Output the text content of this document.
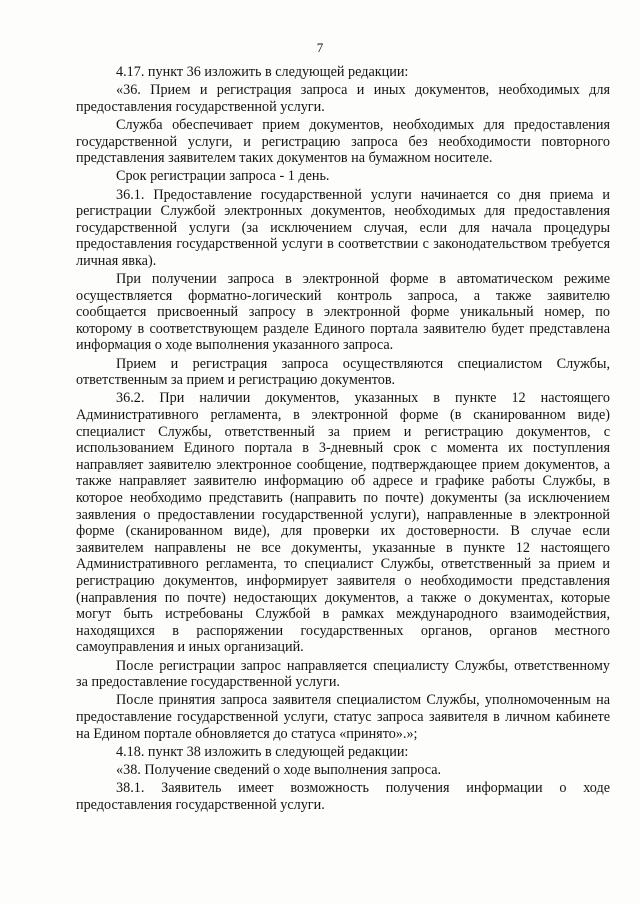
7

4.17. пункт 36 изложить в следующей редакции:

«36. Прием и регистрация запроса и иных документов, необходимых для предоставления государственной услуги.

Служба обеспечивает прием документов, необходимых для предоставления государственной услуги, и регистрацию запроса без необходимости повторного представления заявителем таких документов на бумажном носителе.

Срок регистрации запроса - 1 день.

36.1. Предоставление государственной услуги начинается со дня приема и регистрации Службой электронных документов, необходимых для предоставления государственной услуги (за исключением случая, если для начала процедуры предоставления государственной услуги в соответствии с законодательством требуется личная явка).

При получении запроса в электронной форме в автоматическом режиме осуществляется форматно-логический контроль запроса, а также заявителю сообщается присвоенный запросу в электронной форме уникальный номер, по которому в соответствующем разделе Единого портала заявителю будет представлена информация о ходе выполнения указанного запроса.

Прием и регистрация запроса осуществляются специалистом Службы, ответственным за прием и регистрацию документов.

36.2. При наличии документов, указанных в пункте 12 настоящего Административного регламента, в электронной форме (в сканированном виде) специалист Службы, ответственный за прием и регистрацию документов, с использованием Единого портала в 3-дневный срок с момента их поступления направляет заявителю электронное сообщение, подтверждающее прием документов, а также направляет заявителю информацию об адресе и графике работы Службы, в которое необходимо представить (направить по почте) документы (за исключением заявления о предоставлении государственной услуги), направленные в электронной форме (сканированном виде), для проверки их достоверности. В случае если заявителем направлены не все документы, указанные в пункте 12 настоящего Административного регламента, то специалист Службы, ответственный за прием и регистрацию документов, информирует заявителя о необходимости представления (направления по почте) недостающих документов, а также о документах, которые могут быть истребованы Службой в рамках международного взаимодействия, находящихся в распоряжении государственных органов, органов местного самоуправления и иных организаций.

После регистрации запрос направляется специалисту Службы, ответственному за предоставление государственной услуги.

После принятия запроса заявителя специалистом Службы, уполномоченным на предоставление государственной услуги, статус запроса заявителя в личном кабинете на Едином портале обновляется до статуса «принято».»;

4.18. пункт 38 изложить в следующей редакции:

«38. Получение сведений о ходе выполнения запроса.

38.1. Заявитель имеет возможность получения информации о ходе предоставления государственной услуги.
